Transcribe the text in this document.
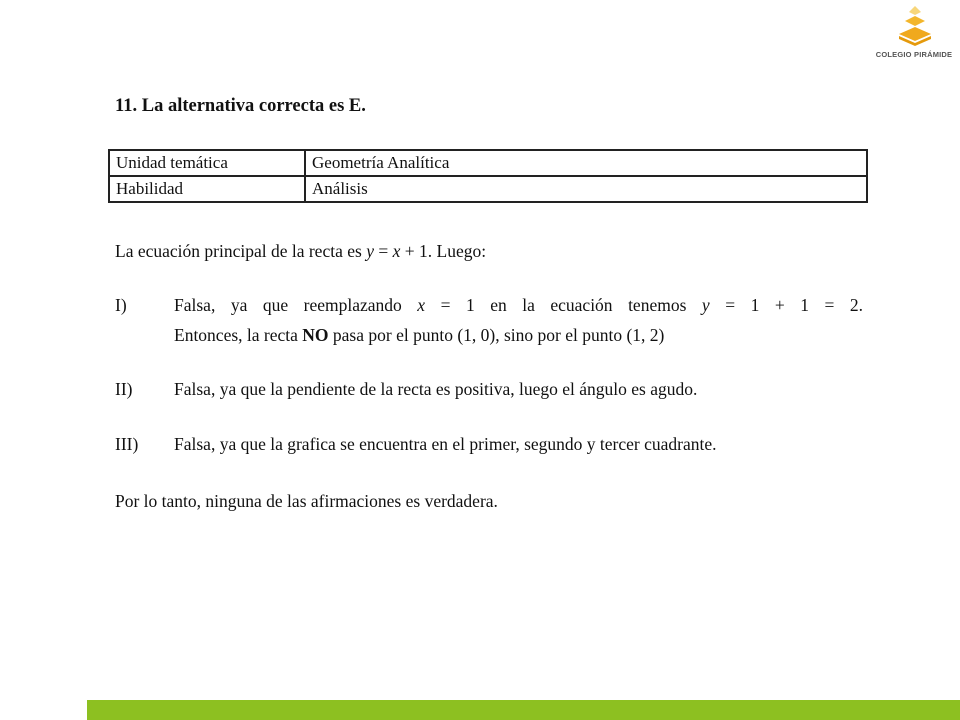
COLEGIO PIRÁMIDE
11. La alternativa correcta es E.
Unidad temática	Geometría Analítica
Habilidad	Análisis
La ecuación principal de la recta es y = x + 1. Luego:
I)	Falsa, ya que reemplazando x = 1 en la ecuación tenemos y = 1 + 1 = 2.
Entonces, la recta NO pasa por el punto (1, 0), sino por el punto (1, 2)
II) Falsa, ya que la pendiente de la recta es positiva, luego el ángulo es agudo.
III) Falsa, ya que la grafica se encuentra en el primer, segundo y tercer cuadrante.
Por lo tanto, ninguna de las afirmaciones es verdadera.
